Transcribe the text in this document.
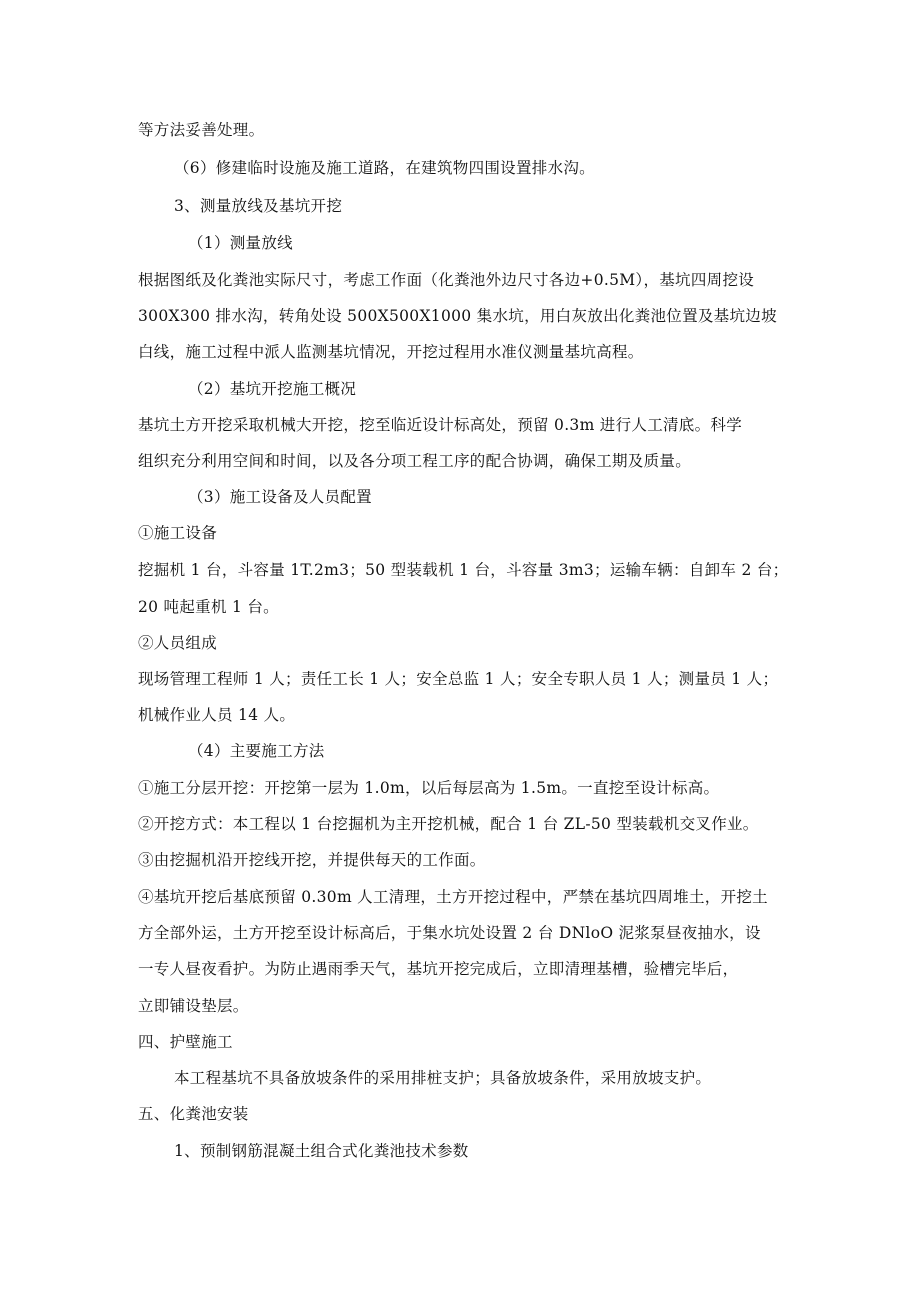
等方法妥善处理。
（6）修建临时设施及施工道路，在建筑物四围设置排水沟。
3、测量放线及基坑开挖
（1）测量放线
根据图纸及化粪池实际尺寸，考虑工作面（化粪池外边尺寸各边+0.5M），基坑四周挖设
300X300 排水沟，转角处设 500X500X1000 集水坑，用白灰放出化粪池位置及基坑边坡
白线，施工过程中派人监测基坑情况，开挖过程用水准仪测量基坑高程。
（2）基坑开挖施工概况
基坑土方开挖采取机械大开挖，挖至临近设计标高处，预留 0.3m 进行人工清底。科学
组织充分利用空间和时间，以及各分项工程工序的配合协调，确保工期及质量。
（3）施工设备及人员配置
①施工设备
挖掘机 1 台，斗容量 1T.2m3；50 型装载机 1 台，斗容量 3m3；运输车辆：自卸车 2 台；
20 吨起重机 1 台。
②人员组成
现场管理工程师 1 人；责任工长 1 人；安全总监 1 人；安全专职人员 1 人；测量员 1 人；
机械作业人员 14 人。
（4）主要施工方法
①施工分层开挖：开挖第一层为 1.0m，以后每层高为 1.5m。一直挖至设计标高。
②开挖方式：本工程以 1 台挖掘机为主开挖机械，配合 1 台 ZL-50 型装载机交叉作业。
③由挖掘机沿开挖线开挖，并提供每天的工作面。
④基坑开挖后基底预留 0.30m 人工清理，土方开挖过程中，严禁在基坑四周堆土，开挖土
方全部外运，土方开挖至设计标高后，于集水坑处设置 2 台 DNloO 泥浆泵昼夜抽水，设
一专人昼夜看护。为防止遇雨季天气，基坑开挖完成后，立即清理基槽，验槽完毕后，
立即铺设垫层。
四、护壁施工
本工程基坑不具备放坡条件的采用排桩支护；具备放坡条件，采用放坡支护。
五、化粪池安装
1、预制钢筋混凝土组合式化粪池技术参数
